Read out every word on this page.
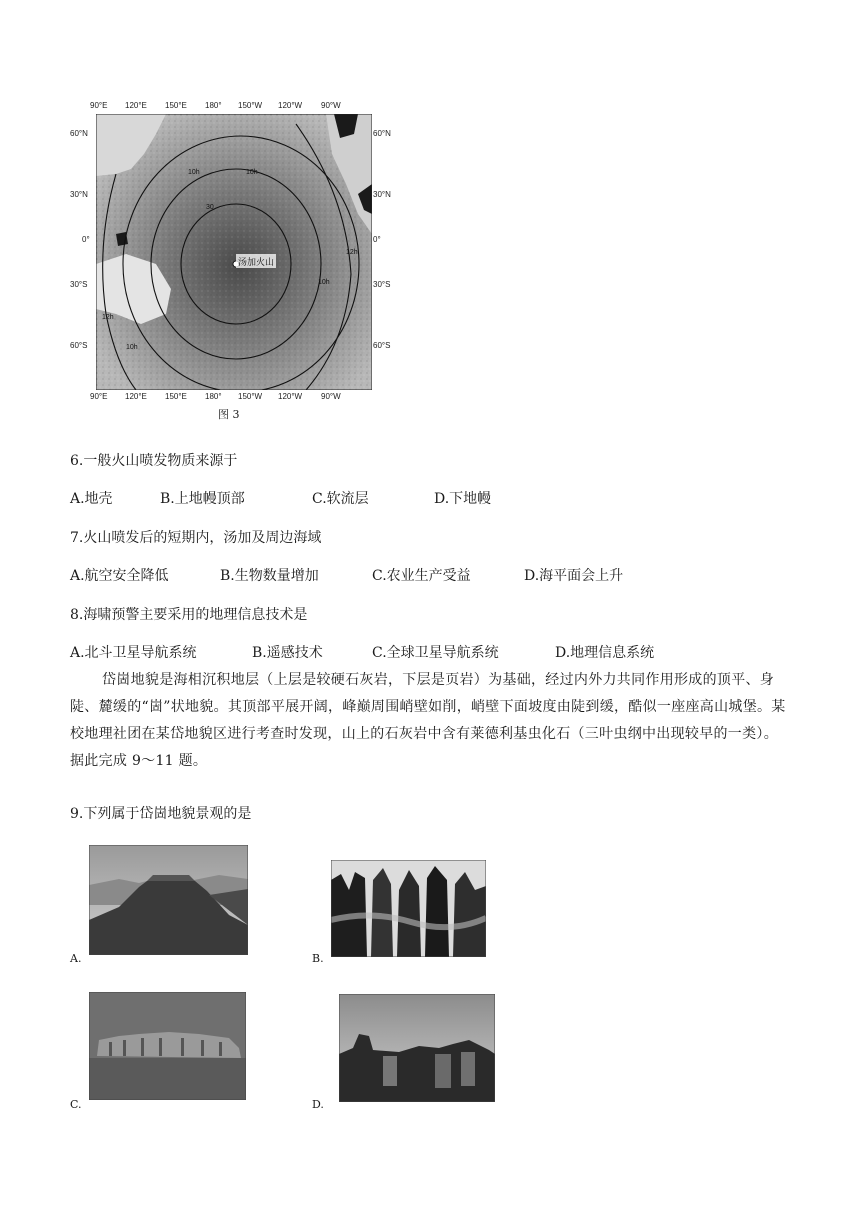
90°E 120°E 150°E 180° 150°W 120°W 90°W
60°N
30°N
0°
30°S
60°S
60°N
30°N
0°
30°S
60°S
10h	10h
10h
12h
12h
10h
30
汤加火山
90°E 120°E 150°E 180° 150°W 120°W 90°W
图 3
6.一般火山喷发物质来源于
A.地壳	B.上地幔顶部	C.软流层	D.下地幔
7.火山喷发后的短期内，汤加及周边海域
A.航空安全降低	B.生物数量增加	C.农业生产受益	D.海平面会上升
8.海啸预警主要采用的地理信息技术是
A.北斗卫星导航系统	B.遥感技术	C.全球卫星导航系统	D.地理信息系统

岱崮地貌是海相沉积地层（上层是较硬石灰岩，下层是页岩）为基础，经过内外力共同作用形成的顶平、身陡、麓缓的“崮”状地貌。其顶部平展开阔，峰巅周围峭壁如削，峭壁下面坡度由陡到缓，酷似一座座高山城堡。某校地理社团在某岱地貌区进行考查时发现，山上的石灰岩中含有莱德利基虫化石（三叶虫纲中出现较早的一类）。据此完成 9～11 题。

9.下列属于岱崮地貌景观的是
A.	B.
C.	D.
